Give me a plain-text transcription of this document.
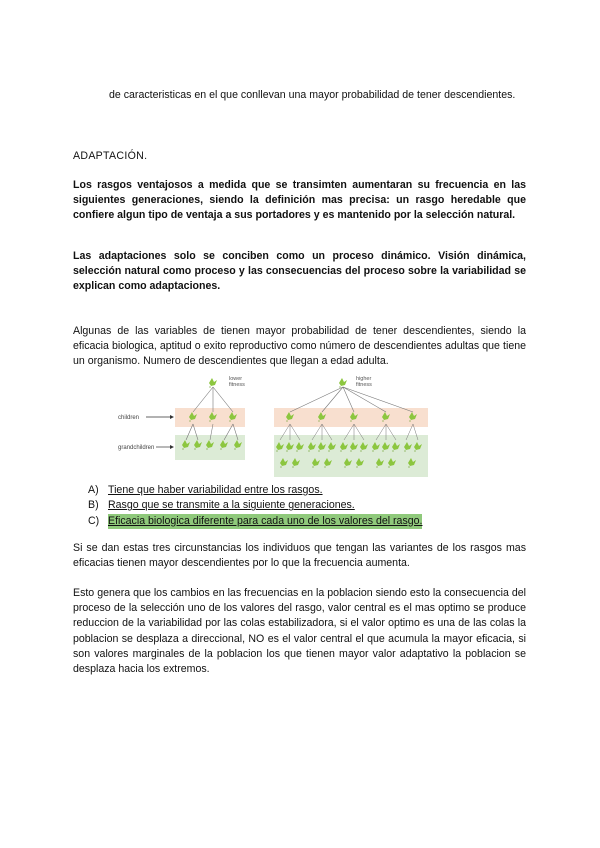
de caracteristicas en el que conllevan una mayor probabilidad de tener descendientes.
ADAPTACIÓN.
Los rasgos ventajosos a medida que se transimten aumentaran su frecuencia en las siguientes generaciones, siendo la definición mas precisa: un rasgo heredable que confiere algun tipo de ventaja a sus portadores y es mantenido por la selección natural.
Las adaptaciones solo se conciben como un proceso dinámico. Visión dinámica, selección natural como proceso y las consecuencias del proceso sobre la variabilidad se explican como adaptaciones.
Algunas de las variables de tienen mayor probabilidad de tener descendientes, siendo la eficacia biologica, aptitud o exito reproductivo como número de descendientes adultas que tiene un organismo. Numero de descendientes que llegan a edad adulta.
children
grandchildren
lower
fitness
higher
fitness
A) Tiene que haber variabilidad entre los rasgos.
B) Rasgo que se transmite a la siguiente generaciones.
C) Eficacia biologica diferente para cada uno de los valores del rasgo.
Si se dan estas tres circunstancias los individuos que tengan las variantes de los rasgos mas eficacias tienen mayor descendientes por lo que la frecuencia aumenta.
Esto genera que los cambios en las frecuencias en la poblacion siendo esto la consecuencia del proceso de la selección uno de los valores del rasgo, valor central es el mas optimo se produce reduccion de la variabilidad por las colas estabilizadora, si el valor optimo es una de las colas la poblacion se desplaza a direccional, NO es el valor central el que acumula la mayor eficacia, si son valores marginales de la poblacion los que tienen mayor valor adaptativo la poblacion se desplaza hacia los extremos.
